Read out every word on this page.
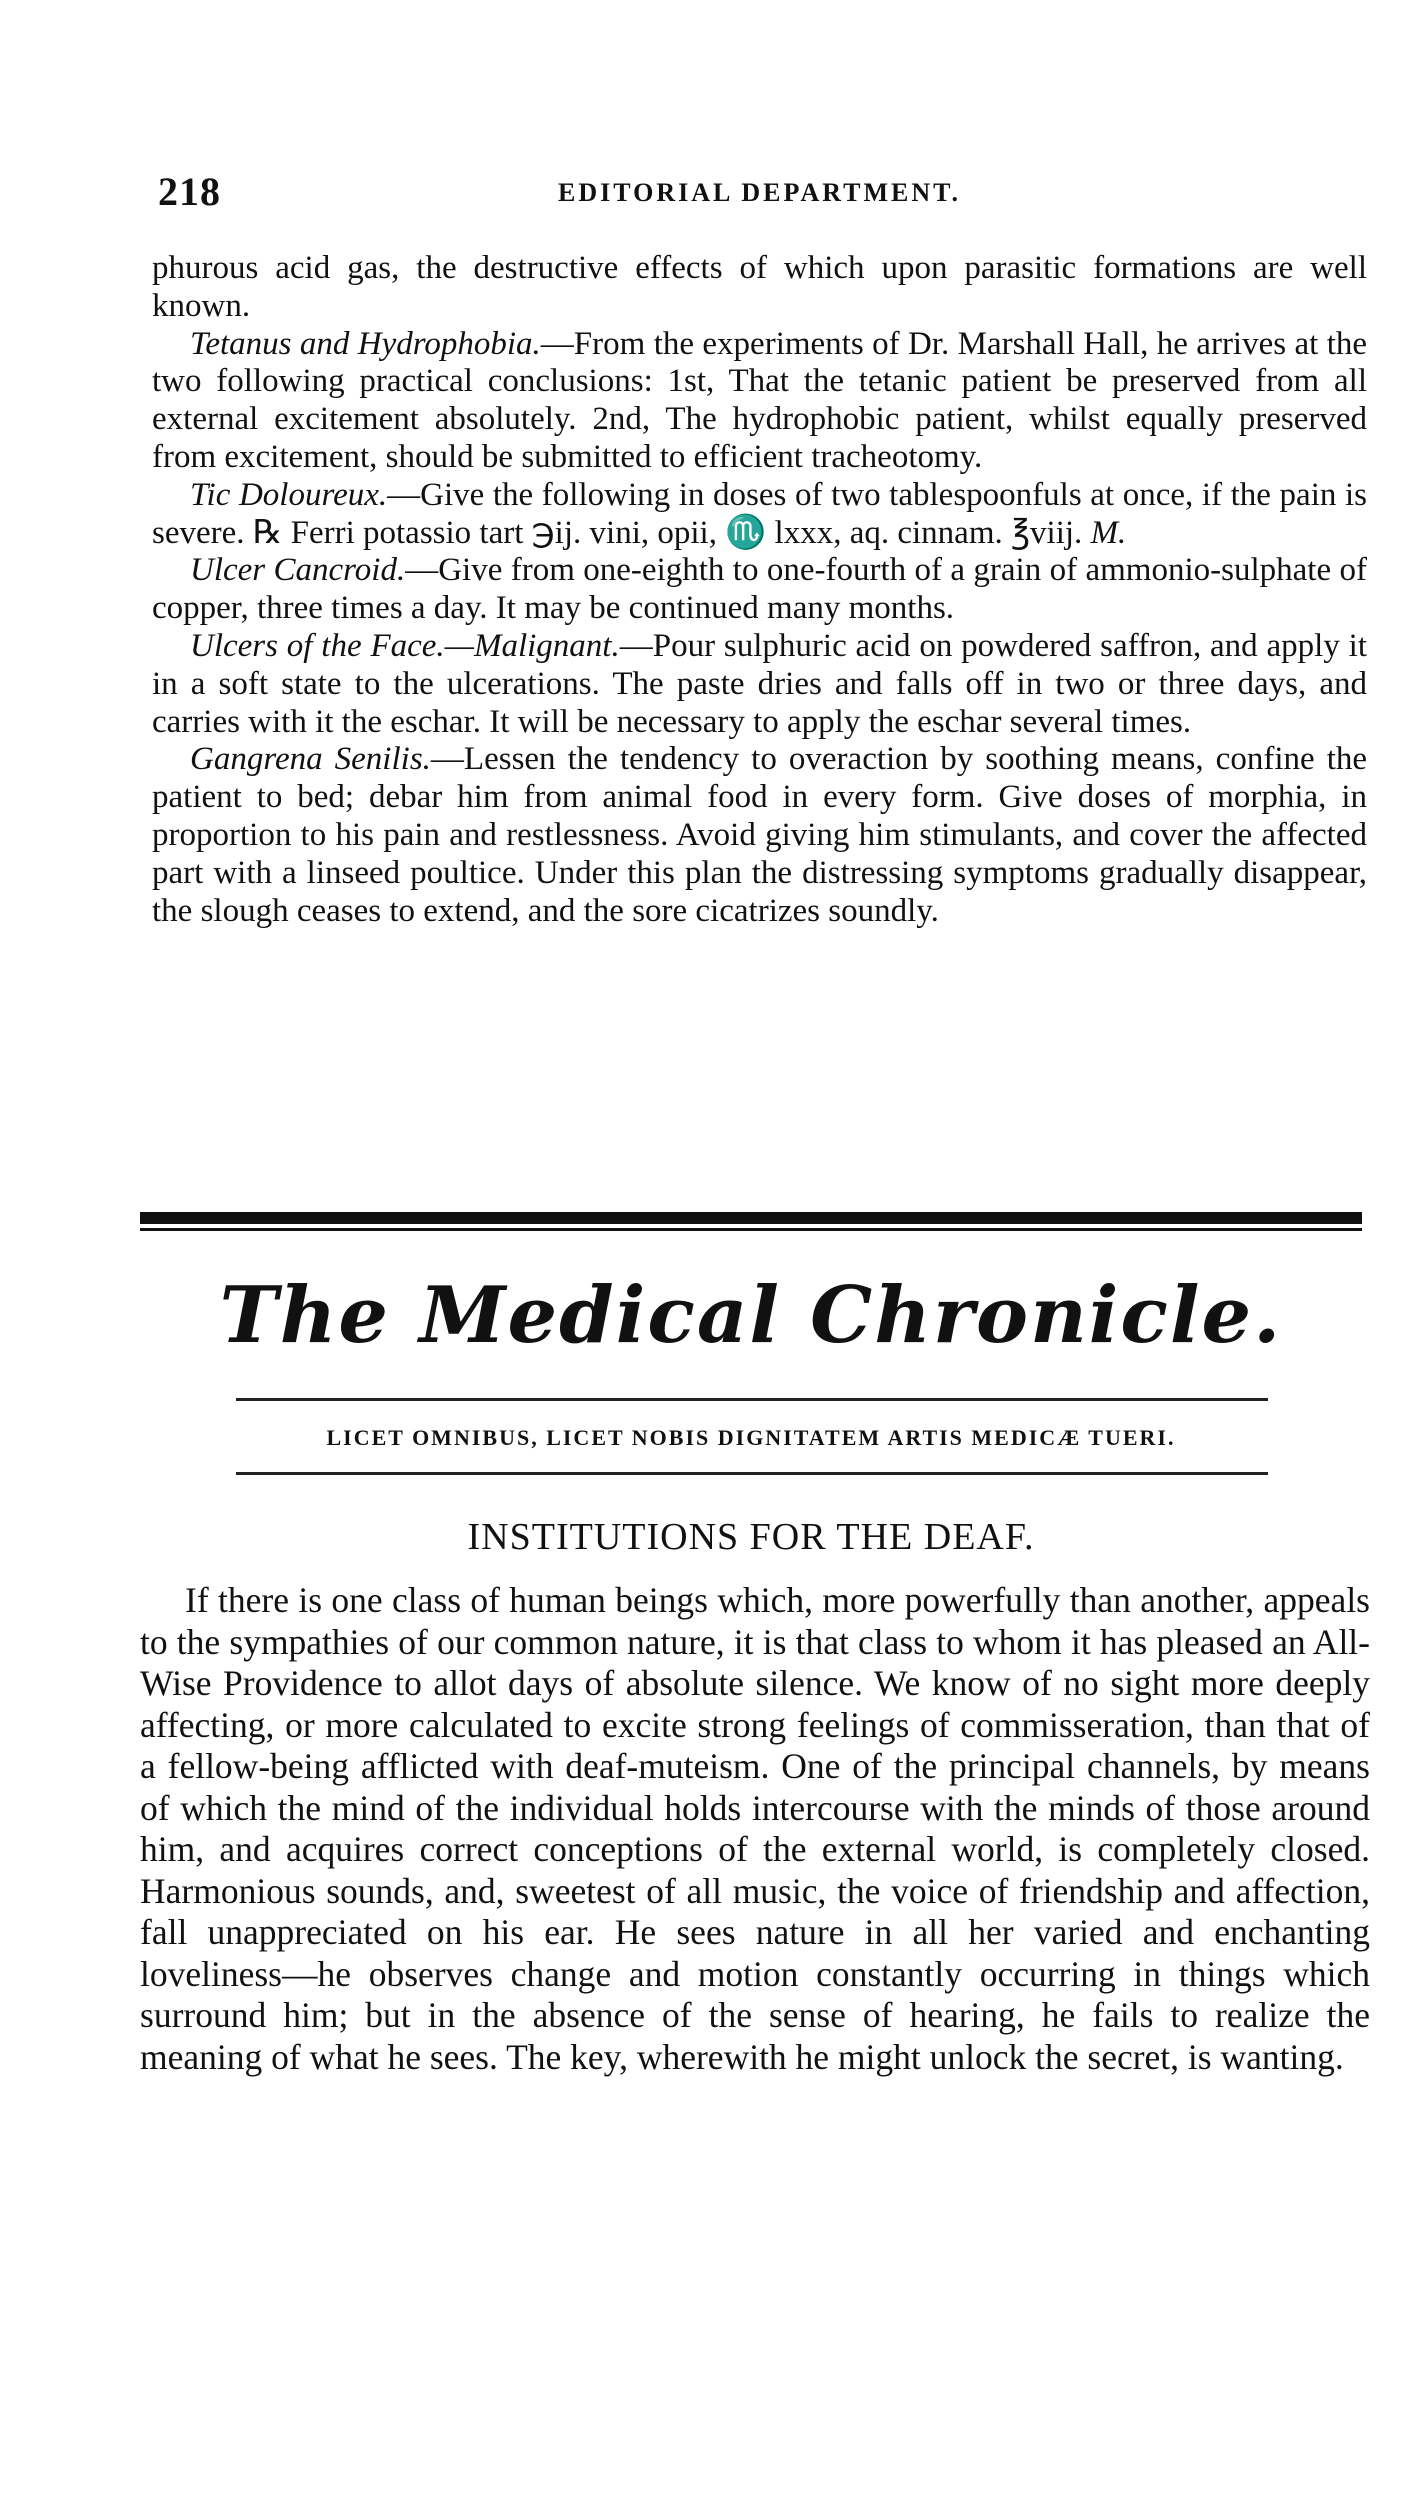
218	EDITORIAL DEPARTMENT.

phurous acid gas, the destructive effects of which upon parasitic formations are well known.

Tetanus and Hydrophobia.—From the experiments of Dr. Marshall Hall, he arrives at the two following practical conclusions: 1st, That the tetanic patient be preserved from all external excitement absolutely. 2nd, The hydrophobic patient, whilst equally preserved from excitement, should be submitted to efficient tracheotomy.

Tic Doloureux.—Give the following in doses of two tablespoonfuls at once, if the pain is severe. ℞ Ferri potassio tart ℈ij. vini, opii, ♏ lxxx, aq. cinnam. ℥viij. M.

Ulcer Cancroid.—Give from one-eighth to one-fourth of a grain of ammonio-sulphate of copper, three times a day. It may be continued many months.

Ulcers of the Face.—Malignant.—Pour sulphuric acid on powdered saffron, and apply it in a soft state to the ulcerations. The paste dries and falls off in two or three days, and carries with it the eschar. It will be necessary to apply the eschar several times.

Gangrena Senilis.—Lessen the tendency to overaction by soothing means, confine the patient to bed; debar him from animal food in every form. Give doses of morphia, in proportion to his pain and restlessness. Avoid giving him stimulants, and cover the affected part with a linseed poultice. Under this plan the distressing symptoms gradually disappear, the slough ceases to extend, and the sore cicatrizes soundly.

The Medical Chronicle.
LICET OMNIBUS, LICET NOBIS DIGNITATEM ARTIS MEDICÆ TUERI.
INSTITUTIONS FOR THE DEAF.

If there is one class of human beings which, more powerfully than another, appeals to the sympathies of our common nature, it is that class to whom it has pleased an All-Wise Providence to allot days of absolute silence. We know of no sight more deeply affecting, or more calculated to excite strong feelings of commisseration, than that of a fellow-being afflicted with deaf-muteism. One of the principal channels, by means of which the mind of the individual holds intercourse with the minds of those around him, and acquires correct conceptions of the external world, is completely closed. Harmonious sounds, and, sweetest of all music, the voice of friendship and affection, fall unappreciated on his ear. He sees nature in all her varied and enchanting loveliness—he observes change and motion constantly occurring in things which surround him; but in the absence of the sense of hearing, he fails to realize the meaning of what he sees. The key, wherewith he might unlock the secret, is wanting.
